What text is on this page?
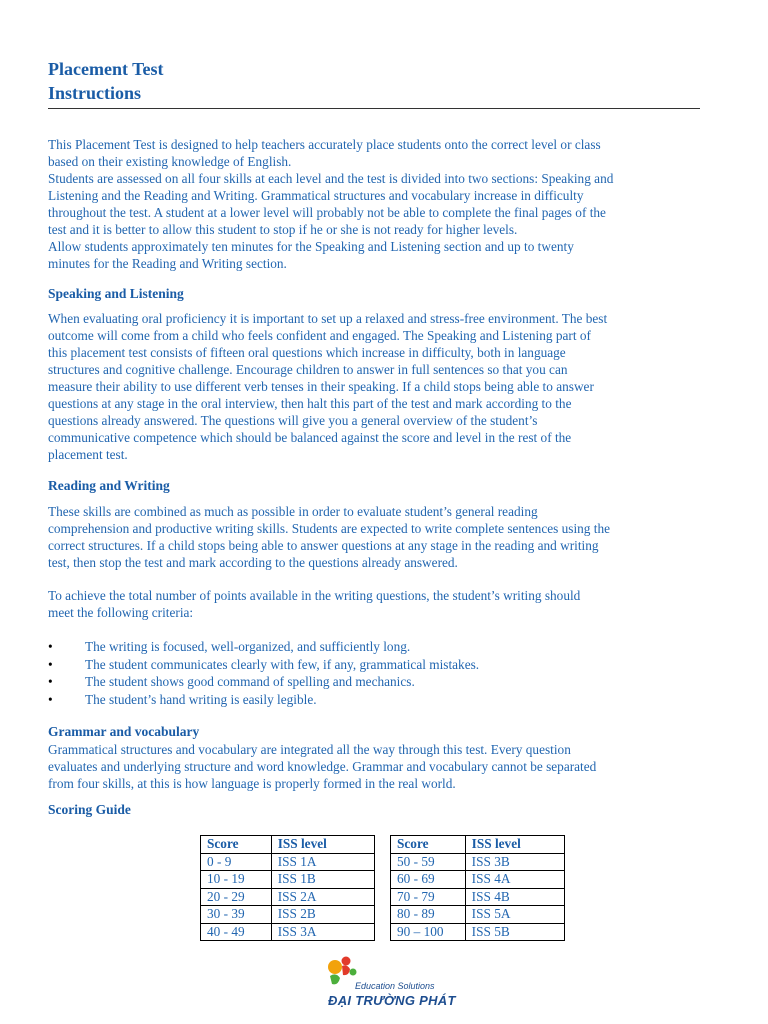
Placement Test
Instructions

This Placement Test is designed to help teachers accurately place students onto the correct level or class
based on their existing knowledge of English.
Students are assessed on all four skills at each level and the test is divided into two sections: Speaking and
Listening and the Reading and Writing. Grammatical structures and vocabulary increase in difficulty
throughout the test. A student at a lower level will probably not be able to complete the final pages of the
test and it is better to allow this student to stop if he or she is not ready for higher levels.
Allow students approximately ten minutes for the Speaking and Listening section and up to twenty
minutes for the Reading and Writing section.

Speaking and Listening

When evaluating oral proficiency it is important to set up a relaxed and stress-free environment. The best
outcome will come from a child who feels confident and engaged. The Speaking and Listening part of
this placement test consists of fifteen oral questions which increase in difficulty, both in language
structures and cognitive challenge. Encourage children to answer in full sentences so that you can
measure their ability to use different verb tenses in their speaking. If a child stops being able to answer
questions at any stage in the oral interview, then halt this part of the test and mark according to the
questions already answered. The questions will give you a general overview of the student’s
communicative competence which should be balanced against the score and level in the rest of the
placement test.

Reading and Writing

These skills are combined as much as possible in order to evaluate student’s general reading
comprehension and productive writing skills. Students are expected to write complete sentences using the
correct structures. If a child stops being able to answer questions at any stage in the reading and writing
test, then stop the test and mark according to the questions already answered.

To achieve the total number of points available in the writing questions, the student’s writing should
meet the following criteria:

• The writing is focused, well-organized, and sufficiently long.
• The student communicates clearly with few, if any, grammatical mistakes.
• The student shows good command of spelling and mechanics.
• The student’s hand writing is easily legible.
Grammar and vocabulary

Grammatical structures and vocabulary are integrated all the way through this test. Every question
evaluates and underlying structure and word knowledge. Grammar and vocabulary cannot be separated
from four skills, at this is how language is properly formed in the real world.

Scoring Guide
Score	ISS level
0 - 9	ISS 1A
10 - 19	ISS 1B
20 - 29	ISS 2A
30 - 39	ISS 2B
40 - 49	ISS 3A
Score	ISS level
50 - 59	ISS 3B
60 - 69	ISS 4A
70 - 79	ISS 4B
80 - 89	ISS 5A
90 – 100	ISS 5B
Education Solutions
ĐẠI TRƯỜNG PHÁT
